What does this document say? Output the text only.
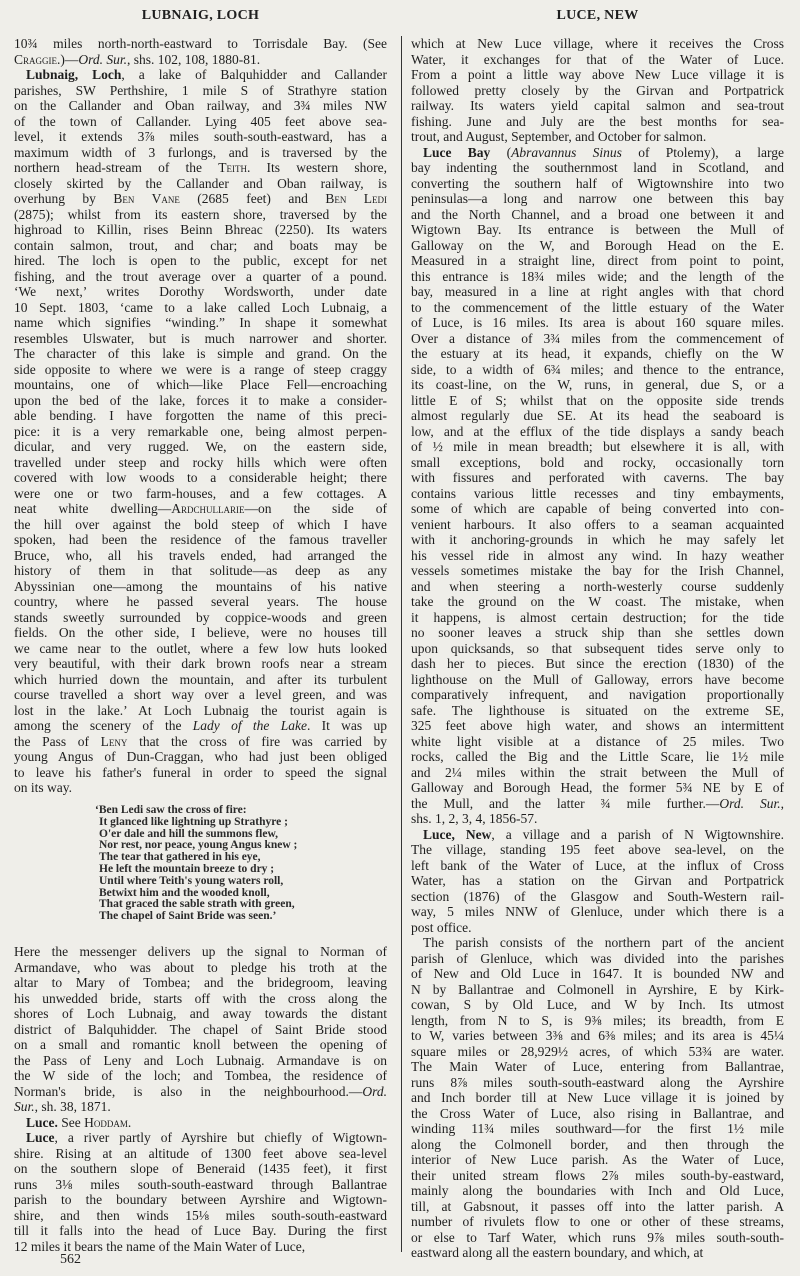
LUBNAIG, LOCH	LUCE, NEW
10¾ miles north-north-eastward to Torrisdale Bay. (See
Craggie.)—Ord. Sur., shs. 102, 108, 1880-81.
Lubnaig, Loch, a lake of Balquhidder and Callander
parishes, SW Perthshire, 1 mile S of Strathyre station
on the Callander and Oban railway, and 3¾ miles NW
of the town of Callander. Lying 405 feet above sea-
level, it extends 3⅞ miles south-south-eastward, has a
maximum width of 3 furlongs, and is traversed by the
northern head-stream of the Teith. Its western shore,
closely skirted by the Callander and Oban railway, is
overhung by Ben Vane (2685 feet) and Ben Ledi
(2875); whilst from its eastern shore, traversed by the
highroad to Killin, rises Beinn Bhreac (2250). Its waters
contain salmon, trout, and char; and boats may be
hired. The loch is open to the public, except for net
fishing, and the trout average over a quarter of a pound.
‘We next,’ writes Dorothy Wordsworth, under date
10 Sept. 1803, ‘came to a lake called Loch Lubnaig, a
name which signifies “winding.” In shape it somewhat
resembles Ulswater, but is much narrower and shorter.
The character of this lake is simple and grand. On the
side opposite to where we were is a range of steep craggy
mountains, one of which—like Place Fell—encroaching
upon the bed of the lake, forces it to make a consider-
able bending. I have forgotten the name of this preci-
pice: it is a very remarkable one, being almost perpen-
dicular, and very rugged. We, on the eastern side,
travelled under steep and rocky hills which were often
covered with low woods to a considerable height; there
were one or two farm-houses, and a few cottages. A
neat white dwelling—Ardchullarie—on the side of
the hill over against the bold steep of which I have
spoken, had been the residence of the famous traveller
Bruce, who, all his travels ended, had arranged the
history of them in that solitude—as deep as any
Abyssinian one—among the mountains of his native
country, where he passed several years. The house
stands sweetly surrounded by coppice-woods and green
fields. On the other side, I believe, were no houses till
we came near to the outlet, where a few low huts looked
very beautiful, with their dark brown roofs near a stream
which hurried down the mountain, and after its turbulent
course travelled a short way over a level green, and was
lost in the lake.’ At Loch Lubnaig the tourist again is
among the scenery of the Lady of the Lake. It was up
the Pass of Leny that the cross of fire was carried by
young Angus of Dun-Craggan, who had just been obliged
to leave his father's funeral in order to speed the signal
on its way.
‘Ben Ledi saw the cross of fire:
It glanced like lightning up Strathyre ;
O'er dale and hill the summons flew,
Nor rest, nor peace, young Angus knew ;
The tear that gathered in his eye,
He left the mountain breeze to dry ;
Until where Teith's young waters roll,
Betwixt him and the wooded knoll,
That graced the sable strath with green,
The chapel of Saint Bride was seen.’
Here the messenger delivers up the signal to Norman of
Armandave, who was about to pledge his troth at the
altar to Mary of Tombea; and the bridegroom, leaving
his unwedded bride, starts off with the cross along the
shores of Loch Lubnaig, and away towards the distant
district of Balquhidder. The chapel of Saint Bride stood
on a small and romantic knoll between the opening of
the Pass of Leny and Loch Lubnaig. Armandave is on
the W side of the loch; and Tombea, the residence of
Norman's bride, is also in the neighbourhood.—Ord.
Sur., sh. 38, 1871.
Luce. See Hoddam.
Luce, a river partly of Ayrshire but chiefly of Wigtown-
shire. Rising at an altitude of 1300 feet above sea-level
on the southern slope of Beneraid (1435 feet), it first
runs 3⅛ miles south-south-eastward through Ballantrae
parish to the boundary between Ayrshire and Wigtown-
shire, and then winds 15⅛ miles south-south-eastward
till it falls into the head of Luce Bay. During the first
12 miles it bears the name of the Main Water of Luce,
which at New Luce village, where it receives the Cross
Water, it exchanges for that of the Water of Luce.
From a point a little way above New Luce village it is
followed pretty closely by the Girvan and Portpatrick
railway. Its waters yield capital salmon and sea-trout
fishing. June and July are the best months for sea-
trout, and August, September, and October for salmon.
Luce Bay (Abravannus Sinus of Ptolemy), a large
bay indenting the southernmost land in Scotland, and
converting the southern half of Wigtownshire into two
peninsulas—a long and narrow one between this bay
and the North Channel, and a broad one between it and
Wigtown Bay. Its entrance is between the Mull of
Galloway on the W, and Borough Head on the E.
Measured in a straight line, direct from point to point,
this entrance is 18¾ miles wide; and the length of the
bay, measured in a line at right angles with that chord
to the commencement of the little estuary of the Water
of Luce, is 16 miles. Its area is about 160 square miles.
Over a distance of 3¾ miles from the commencement of
the estuary at its head, it expands, chiefly on the W
side, to a width of 6¾ miles; and thence to the entrance,
its coast-line, on the W, runs, in general, due S, or a
little E of S; whilst that on the opposite side trends
almost regularly due SE. At its head the seaboard is
low, and at the efflux of the tide displays a sandy beach
of ½ mile in mean breadth; but elsewhere it is all, with
small exceptions, bold and rocky, occasionally torn
with fissures and perforated with caverns. The bay
contains various little recesses and tiny embayments,
some of which are capable of being converted into con-
venient harbours. It also offers to a seaman acquainted
with it anchoring-grounds in which he may safely let
his vessel ride in almost any wind. In hazy weather
vessels sometimes mistake the bay for the Irish Channel,
and when steering a north-westerly course suddenly
take the ground on the W coast. The mistake, when
it happens, is almost certain destruction; for the tide
no sooner leaves a struck ship than she settles down
upon quicksands, so that subsequent tides serve only to
dash her to pieces. But since the erection (1830) of the
lighthouse on the Mull of Galloway, errors have become
comparatively infrequent, and navigation proportionally
safe. The lighthouse is situated on the extreme SE,
325 feet above high water, and shows an intermittent
white light visible at a distance of 25 miles. Two
rocks, called the Big and the Little Scare, lie 1½ mile
and 2¼ miles within the strait between the Mull of
Galloway and Borough Head, the former 5¾ NE by E of
the Mull, and the latter ¾ mile further.—Ord. Sur.,
shs. 1, 2, 3, 4, 1856-57.
Luce, New, a village and a parish of N Wigtownshire.
The village, standing 195 feet above sea-level, on the
left bank of the Water of Luce, at the influx of Cross
Water, has a station on the Girvan and Portpatrick
section (1876) of the Glasgow and South-Western rail-
way, 5 miles NNW of Glenluce, under which there is a
post office.
The parish consists of the northern part of the ancient
parish of Glenluce, which was divided into the parishes
of New and Old Luce in 1647. It is bounded NW and
N by Ballantrae and Colmonell in Ayrshire, E by Kirk-
cowan, S by Old Luce, and W by Inch. Its utmost
length, from N to S, is 9⅜ miles; its breadth, from E
to W, varies between 3⅜ and 6⅜ miles; and its area is 45¼
square miles or 28,929½ acres, of which 53¾ are water.
The Main Water of Luce, entering from Ballantrae,
runs 8⅞ miles south-south-eastward along the Ayrshire
and Inch border till at New Luce village it is joined by
the Cross Water of Luce, also rising in Ballantrae, and
winding 11¾ miles southward—for the first 1½ mile
along the Colmonell border, and then through the
interior of New Luce parish. As the Water of Luce,
their united stream flows 2⅞ miles south-by-eastward,
mainly along the boundaries with Inch and Old Luce,
till, at Gabsnout, it passes off into the latter parish. A
number of rivulets flow to one or other of these streams,
or else to Tarf Water, which runs 9⅞ miles south-south-
eastward along all the eastern boundary, and which, at
562
